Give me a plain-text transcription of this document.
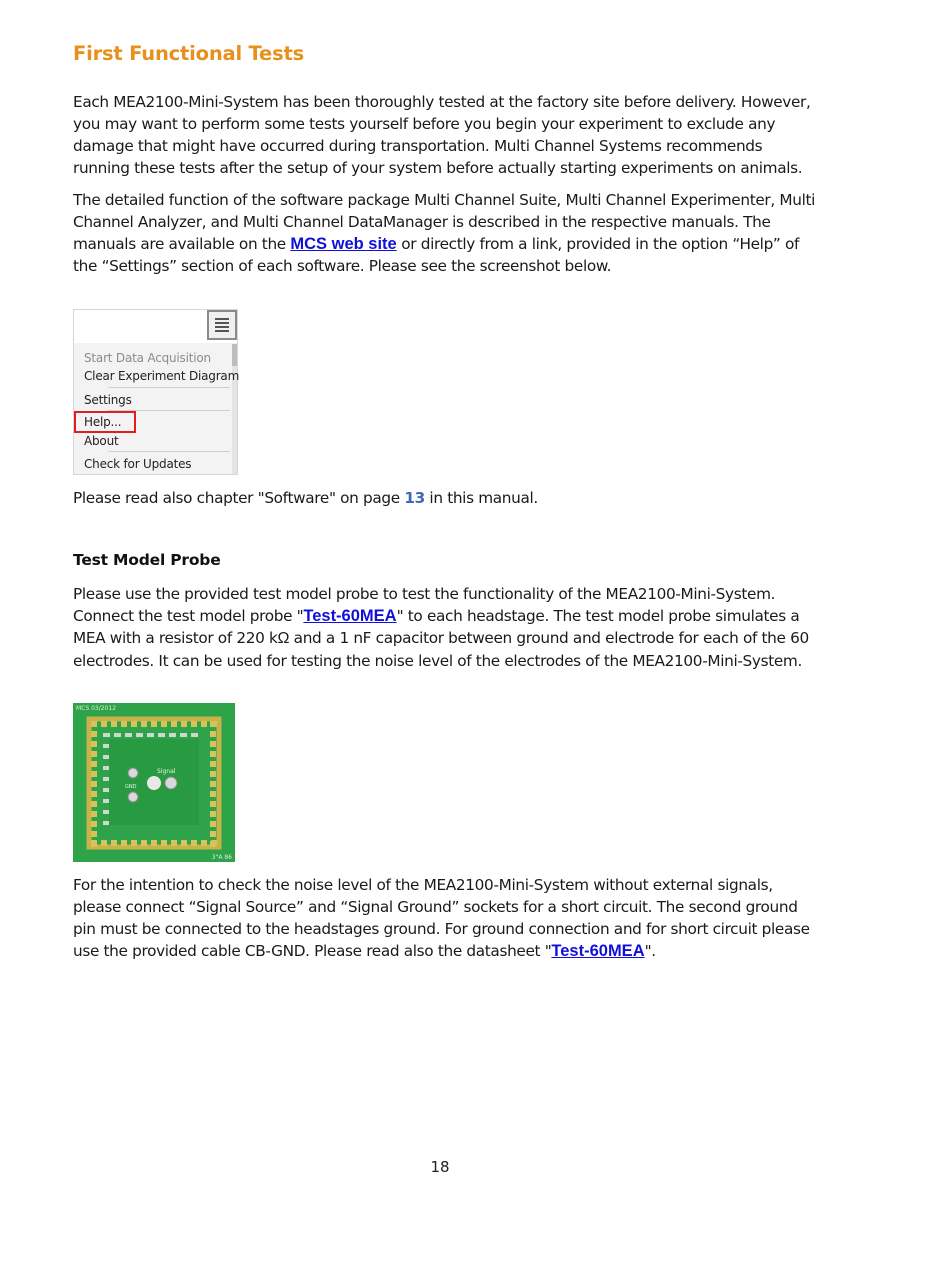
First Functional Tests

Each MEA2100-Mini-System has been thoroughly tested at the factory site before delivery. However, you may want to perform some tests yourself before you begin your experiment to exclude any damage that might have occurred during transportation. Multi Channel Systems recommends running these tests after the setup of your system before actually starting experiments on animals.

The detailed function of the software package Multi Channel Suite, Multi Channel Experimenter, Multi Channel Analyzer, and Multi Channel DataManager is described in the respective manuals. The manuals are available on the MCS web site or directly from a link, provided in the option “Help” of the “Settings” section of each software. Please see the screenshot below.

Start Data Acquisition
Clear Experiment Diagram
Settings
Help...
About
Check for Updates

Please read also chapter "Software" on page 13 in this manual.

Test Model Probe

Please use the provided test model probe to test the functionality of the MEA2100-Mini-System. Connect the test model probe "Test-60MEA" to each headstage. The test model probe simulates a MEA with a resistor of 220 kΩ and a 1 nF capacitor between ground and electrode for each of the 60 electrodes. It can be used for testing the noise level of the electrodes of the MEA2100-Mini-System.

Signal
GND
MCS 03/2012
3"A 86

For the intention to check the noise level of the MEA2100-Mini-System without external signals, please connect “Signal Source” and “Signal Ground” sockets for a short circuit. The second ground pin must be connected to the headstages ground. For ground connection and for short circuit please use the provided cable CB-GND. Please read also the datasheet "Test-60MEA".

18
